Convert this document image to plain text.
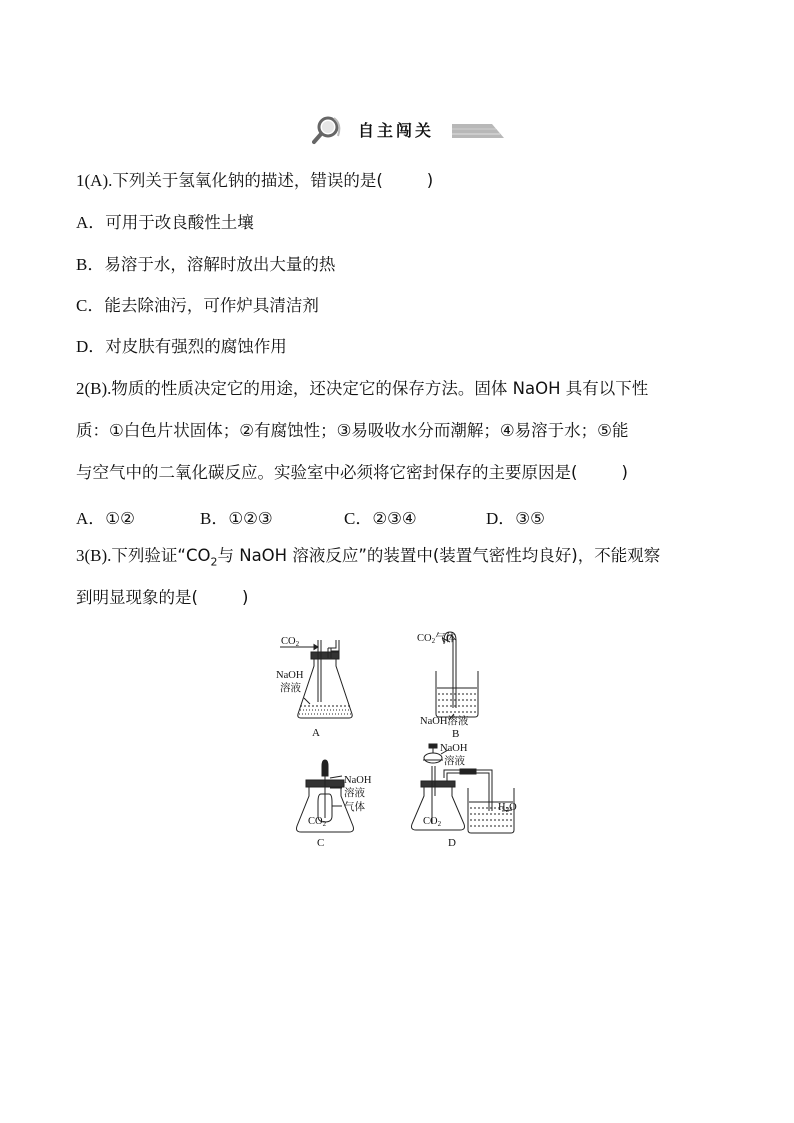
自主闯关
1(A).下列关于氢氧化钠的描述，错误的是(	)
A．可用于改良酸性土壤
B．易溶于水，溶解时放出大量的热
C．能去除油污，可作炉具清洁剂
D．对皮肤有强烈的腐蚀作用
2(B).物质的性质决定它的用途，还决定它的保存方法。固体 NaOH 具有以下性
质：①白色片状固体；②有腐蚀性；③易吸收水分而潮解；④易溶于水；⑤能
与空气中的二氧化碳反应。实验室中必须将它密封保存的主要原因是(	)
A．①②	B．①②③	C．②③④	D．③⑤
3(B).下列验证“$CO_2$与 NaOH 溶液反应”的装置中(装置气密性均良好)，不能观察
到明显现象的是(	)
CO2
NaOH
溶液
A
CO2气体
NaOH溶液
B
NaOH
溶液
气体
CO2
C
NaOH
溶液
CO2
H2O
D
